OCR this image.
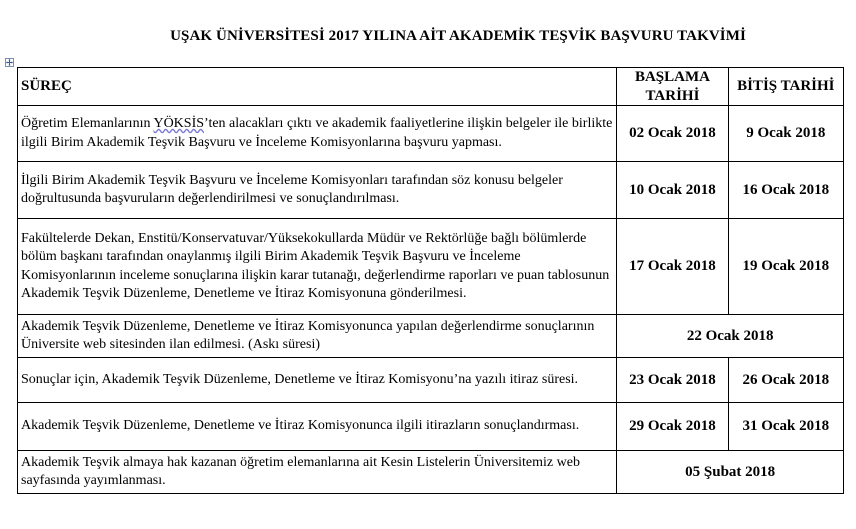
UŞAK ÜNİVERSİTESİ 2017 YILINA AİT AKADEMİK TEŞVİK BAŞVURU TAKVİMİ
SÜREÇ	BAŞLAMA TARİHİ	BİTİŞ TARİHİ
Öğretim Elemanlarının YÖKSİS’ten alacakları çıktı ve akademik faaliyetlerine ilişkin belgeler ile birlikte ilgili Birim Akademik Teşvik Başvuru ve İnceleme Komisyonlarına başvuru yapması.	02 Ocak 2018	9 Ocak 2018
İlgili Birim Akademik Teşvik Başvuru ve İnceleme Komisyonları tarafından söz konusu belgeler doğrultusunda başvuruların değerlendirilmesi ve sonuçlandırılması.	10 Ocak 2018	16 Ocak 2018
Fakültelerde Dekan, Enstitü/Konservatuvar/Yüksekokullarda Müdür ve Rektörlüğe bağlı bölümlerde bölüm başkanı tarafından onaylanmış ilgili Birim Akademik Teşvik Başvuru ve İnceleme Komisyonlarının inceleme sonuçlarına ilişkin karar tutanağı, değerlendirme raporları ve puan tablosunun Akademik Teşvik Düzenleme, Denetleme ve İtiraz Komisyonuna gönderilmesi.	17 Ocak 2018	19 Ocak 2018
Akademik Teşvik Düzenleme, Denetleme ve İtiraz Komisyonunca yapılan değerlendirme sonuçlarının Üniversite web sitesinden ilan edilmesi. (Askı süresi)	22 Ocak 2018	
Sonuçlar için, Akademik Teşvik Düzenleme, Denetleme ve İtiraz Komisyonu’na yazılı itiraz süresi.	23 Ocak 2018	26 Ocak 2018
Akademik Teşvik Düzenleme, Denetleme ve İtiraz Komisyonunca ilgili itirazların sonuçlandırması.	29 Ocak 2018	31 Ocak 2018
Akademik Teşvik almaya hak kazanan öğretim elemanlarına ait Kesin Listelerin Üniversitemiz web sayfasında yayımlanması.	05 Şubat 2018	
